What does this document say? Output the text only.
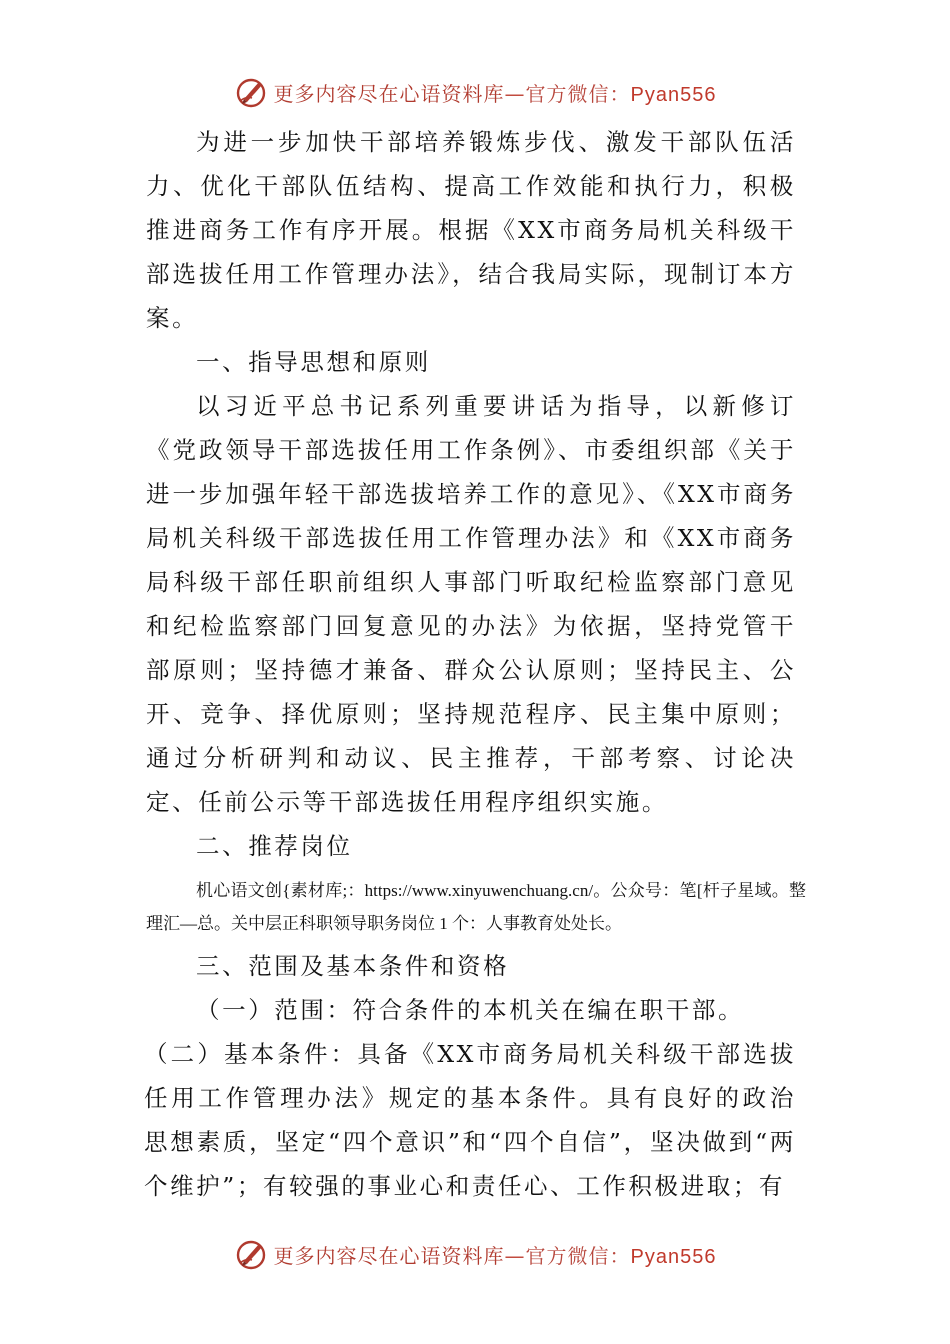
更多内容尽在心语资料库—官方微信：Pyan556

为进一步加快干部培养锻炼步伐、激发干部队伍活力、优化干部队伍结构、提高工作效能和执行力，积极推进商务工作有序开展。根据《XX市商务局机关科级干部选拔任用工作管理办法》，结合我局实际，现制订本方案。

一、指导思想和原则

以习近平总书记系列重要讲话为指导，以新修订《党政领导干部选拔任用工作条例》、市委组织部《关于进一步加强年轻干部选拔培养工作的意见》、《XX市商务局机关科级干部选拔任用工作管理办法》和《XX市商务局科级干部任职前组织人事部门听取纪检监察部门意见和纪检监察部门回复意见的办法》为依据，坚持党管干部原则；坚持德才兼备、群众公认原则；坚持民主、公开、竞争、择优原则；坚持规范程序、民主集中原则；通过分析研判和动议、民主推荐，干部考察、讨论决定、任前公示等干部选拔任用程序组织实施。

二、推荐岗位

机心语文创{素材库;：https://www.xinyuwenchuang.cn/。公众号：笔[杆子星域。整理汇—总。关中层正科职领导职务岗位 1 个：人事教育处处长。

三、范围及基本条件和资格

（一）范围：符合条件的本机关在编在职干部。

（二）基本条件：具备《XX市商务局机关科级干部选拔任用工作管理办法》规定的基本条件。具有良好的政治思想素质，坚定“四个意识”和“四个自信”，坚决做到“两个维护”；有较强的事业心和责任心、工作积极进取；有

更多内容尽在心语资料库—官方微信：Pyan556
